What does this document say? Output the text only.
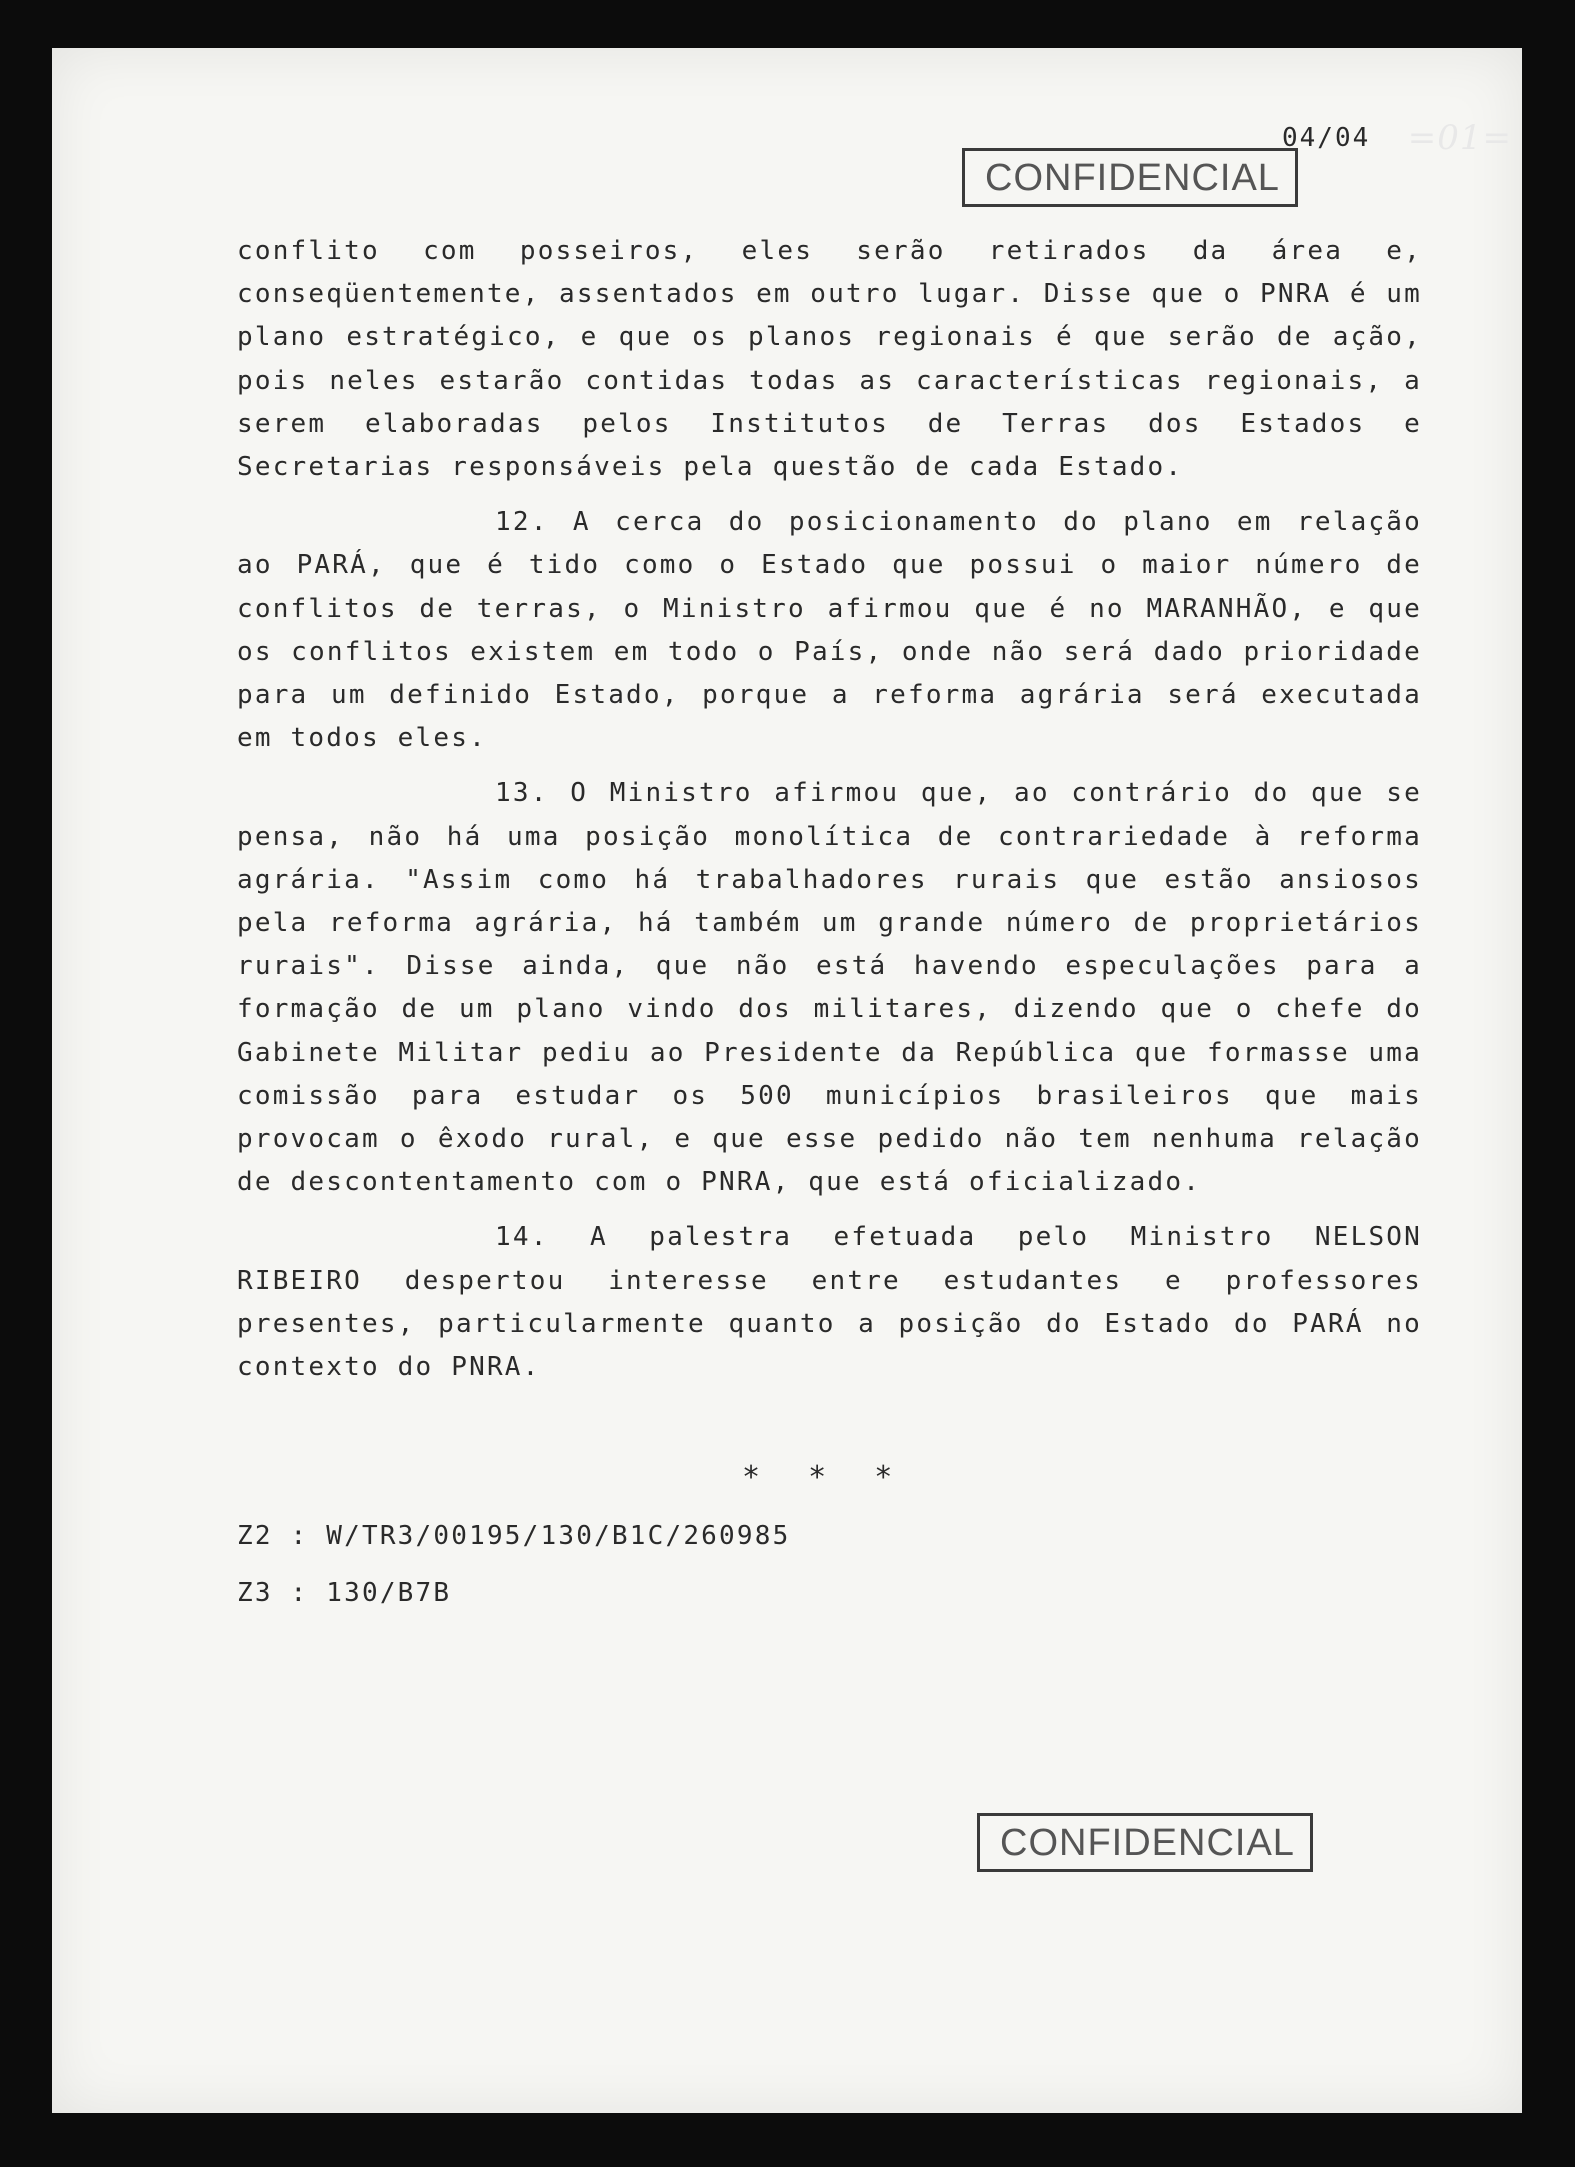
=01=
04/04
CONFIDENCIAL

conflito com posseiros, eles serão retirados da área e, conseqüentemente, assentados em outro lugar. Disse que o PNRA é um plano estratégico, e que os planos regionais é que serão de ação, pois neles estarão contidas todas as características regionais, a serem elaboradas pelos Institutos de Terras dos Estados e Secretarias responsáveis pela questão de cada Estado.

12. A cerca do posicionamento do plano em relação ao PARÁ, que é tido como o Estado que possui o maior número de conflitos de terras, o Ministro afirmou que é no MARANHÃO, e que os conflitos existem em todo o País, onde não será dado prioridade para um definido Estado, porque a reforma agrária será executada em todos eles.

13. O Ministro afirmou que, ao contrário do que se pensa, não há uma posição monolítica de contrariedade à reforma agrária. "Assim como há trabalhadores rurais que estão ansiosos pela reforma agrária, há também um grande número de proprietários rurais". Disse ainda, que não está havendo especulações para a formação de um plano vindo dos militares, dizendo que o chefe do Gabinete Militar pediu ao Presidente da República que formasse uma comissão para estudar os 500 municípios brasileiros que mais provocam o êxodo rural, e que esse pedido não tem nenhuma relação de descontentamento com o PNRA, que está oficializado.

14. A palestra efetuada pelo Ministro NELSON RIBEIRO despertou interesse entre estudantes e professores presentes, particularmente quanto a posição do Estado do PARÁ no contexto do PNRA.

* * *
Z2 : W/TR3/00195/130/B1C/260985
Z3 : 130/B7B
CONFIDENCIAL
